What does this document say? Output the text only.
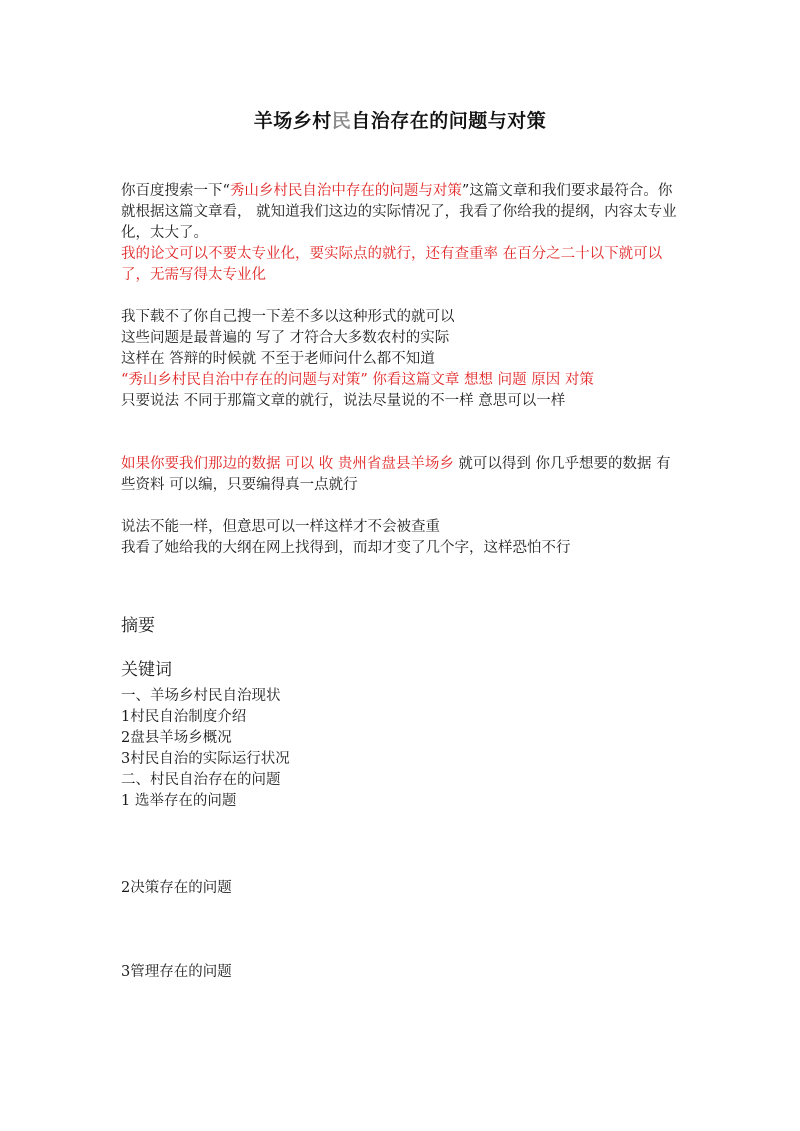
羊场乡村民自治存在的问题与对策

你百度搜索一下“秀山乡村民自治中存在的问题与对策”这篇文章和我们要求最符合。你就根据这篇文章看， 就知道我们这边的实际情况了，我看了你给我的提纲，内容太专业化，太大了。

我的论文可以不要太专业化，要实际点的就行，还有查重率 在百分之二十以下就可以了，无需写得太专业化

我下载不了你自己搜一下差不多以这种形式的就可以

这些问题是最普遍的 写了 才符合大多数农村的实际

这样在 答辩的时候就 不至于老师问什么都不知道

“秀山乡村民自治中存在的问题与对策” 你看这篇文章 想想 问题 原因 对策

只要说法 不同于那篇文章的就行，说法尽量说的不一样 意思可以一样

如果你要我们那边的数据 可以 收 贵州省盘县羊场乡 就可以得到 你几乎想要的数据 有些资料 可以编，只要编得真一点就行

说法不能一样，但意思可以一样这样才不会被查重

我看了她给我的大纲在网上找得到，而却才变了几个字，这样恐怕不行

摘要
关键词
一、羊场乡村民自治现状
1村民自治制度介绍
2盘县羊场乡概况
3村民自治的实际运行状况
二、村民自治存在的问题
1 选举存在的问题
2决策存在的问题
3管理存在的问题
